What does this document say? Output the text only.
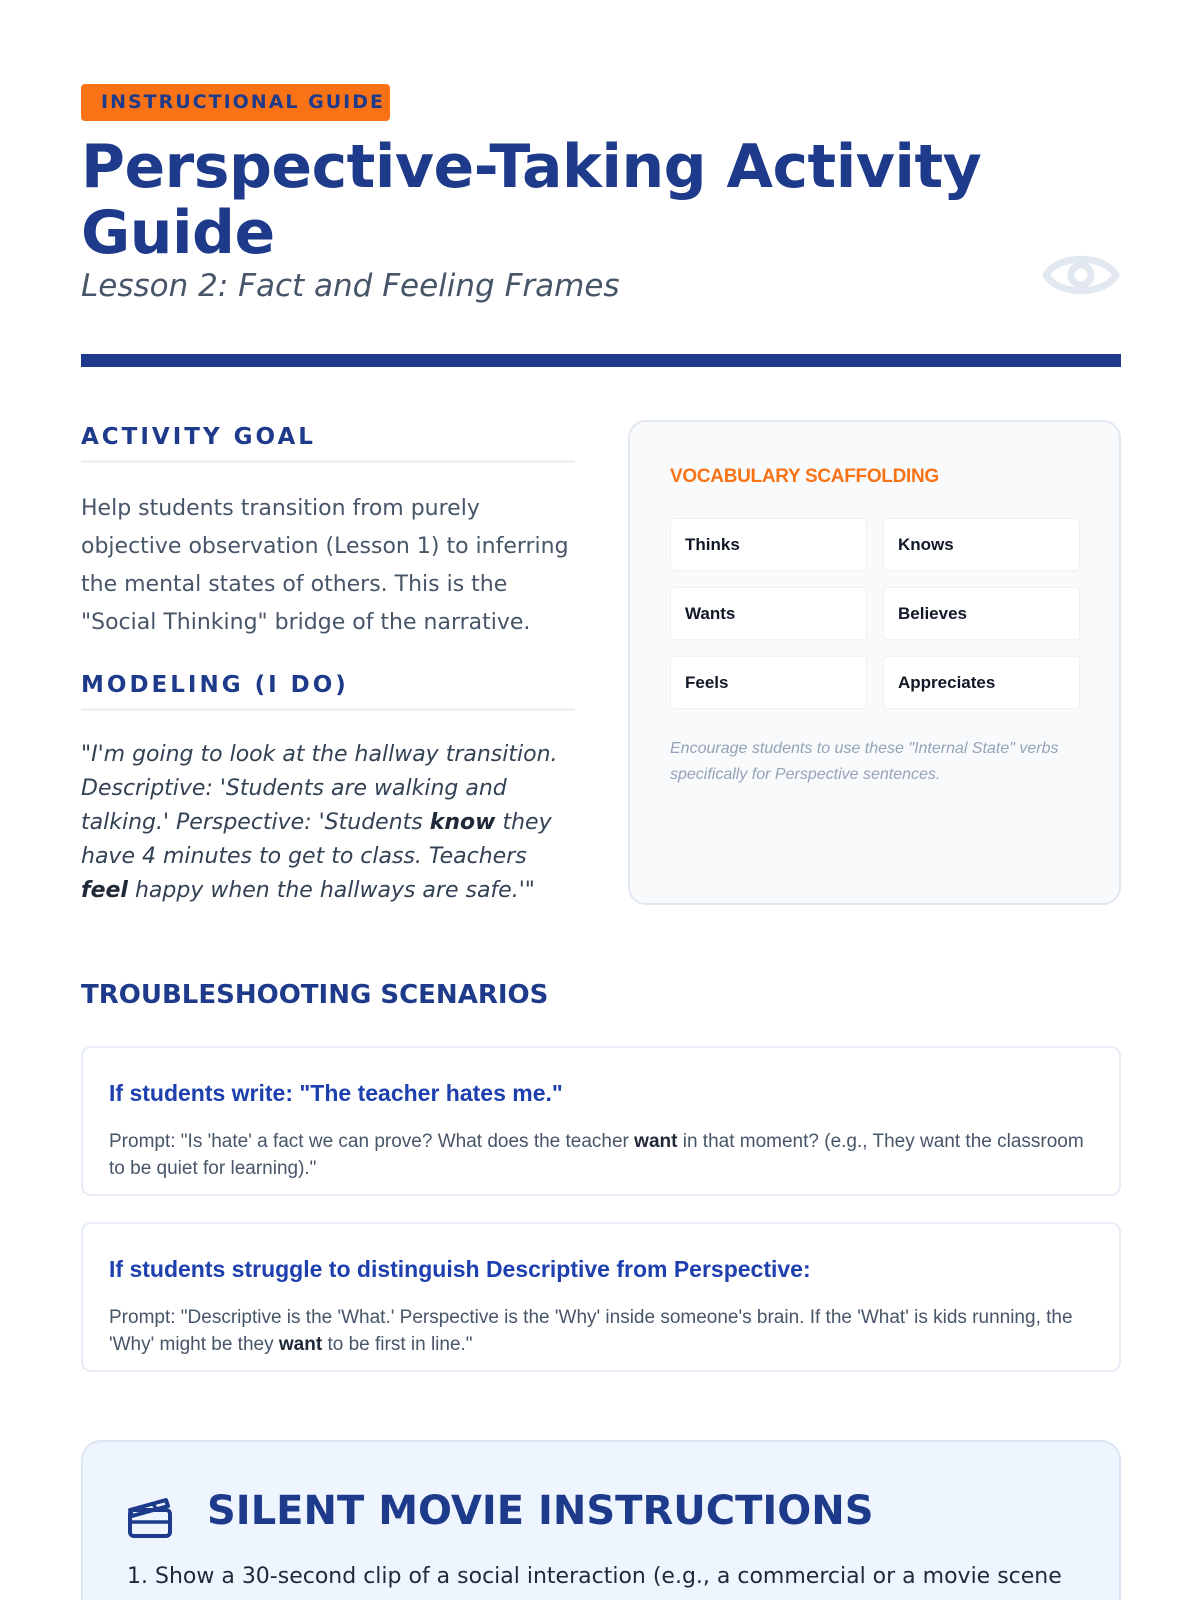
INSTRUCTIONAL GUIDE
Perspective-Taking Activity Guide
Lesson 2: Fact and Feeling Frames
ACTIVITY GOAL

Help students transition from purely objective observation (Lesson 1) to inferring the mental states of others. This is the "Social Thinking" bridge of the narrative.

MODELING (I DO)

"I'm going to look at the hallway transition. Descriptive: 'Students are walking and talking.' Perspective: 'Students know they have 4 minutes to get to class. Teachers feel happy when the hallways are safe.'"

VOCABULARY SCAFFOLDING
Thinks	Knows
Wants	Believes
Feels	Appreciates

Encourage students to use these "Internal State" verbs specifically for Perspective sentences.

TROUBLESHOOTING SCENARIOS
If students write: "The teacher hates me."

Prompt: "Is 'hate' a fact we can prove? What does the teacher want in that moment? (e.g., They want the classroom to be quiet for learning)."

If students struggle to distinguish Descriptive from Perspective:

Prompt: "Descriptive is the 'What.' Perspective is the 'Why' inside someone's brain. If the 'What' is kids running, the 'Why' might be they want to be first in line."

SILENT MOVIE INSTRUCTIONS

1. Show a 30-second clip of a social interaction (e.g., a commercial or a movie scene
